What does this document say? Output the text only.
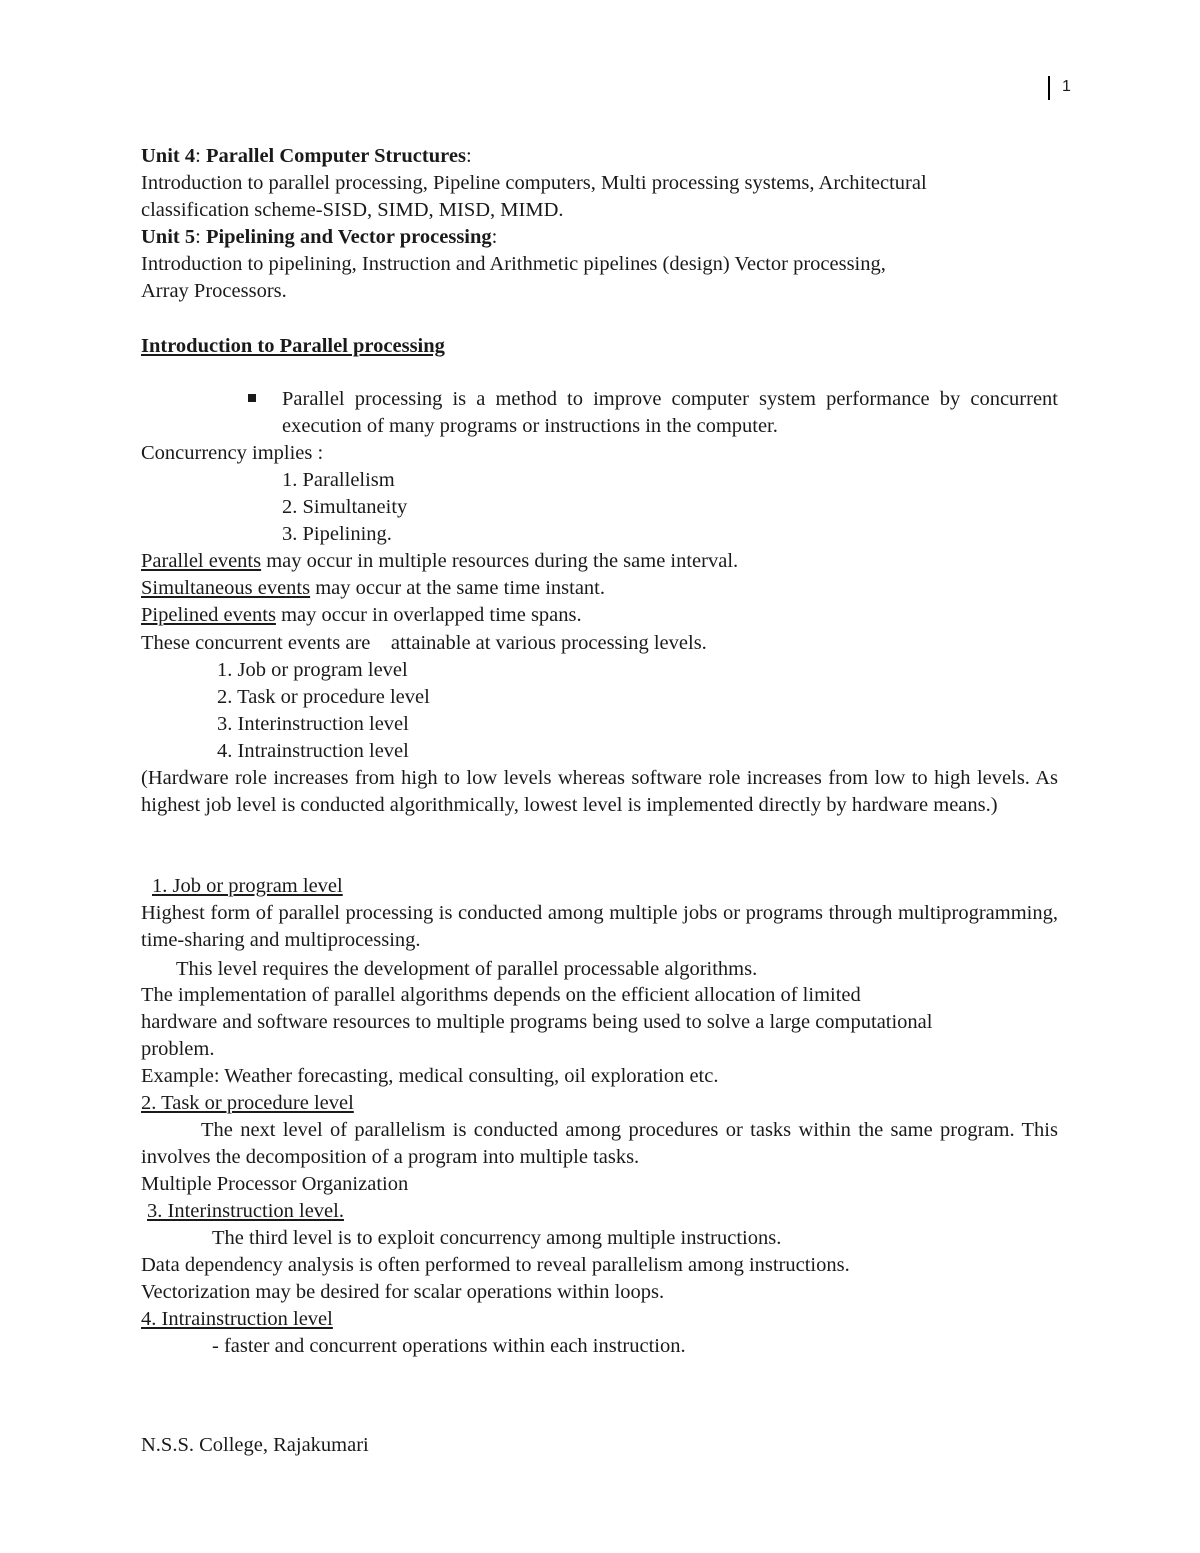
1
Unit 4: Parallel Computer Structures:
Introduction to parallel processing, Pipeline computers, Multi processing systems, Architectural
classification scheme-SISD, SIMD, MISD, MIMD.
Unit 5: Pipelining and Vector processing:
Introduction to pipelining, Instruction and Arithmetic pipelines (design) Vector processing,
Array Processors.
Introduction to Parallel processing
Parallel processing is a method to improve computer system performance by concurrent execution of many programs or instructions in the computer.
Concurrency implies :
1. Parallelism
2. Simultaneity
3. Pipelining.
Parallel events may occur in multiple resources during the same interval.
Simultaneous events may occur at the same time instant.
Pipelined events may occur in overlapped time spans.
These concurrent events are    attainable at various processing levels.
1. Job or program level
2. Task or procedure level
3. Interinstruction level
4. Intrainstruction level
(Hardware role increases from high to low levels whereas software role increases from low to high levels. As highest job level is conducted algorithmically, lowest level is implemented directly by hardware means.)
1. Job or program level
Highest form of parallel processing is conducted among multiple jobs or programs through multiprogramming,     time-sharing and multiprocessing.
This level requires the development of parallel processable algorithms.
The implementation of parallel algorithms depends on the efficient allocation of limited
hardware and software resources to multiple programs being used to solve a large computational
problem.
Example: Weather forecasting, medical consulting, oil exploration etc.
2. Task or procedure level
The next level of parallelism is conducted among procedures or tasks within the same program. This involves the decomposition of a program into multiple tasks.
Multiple Processor Organization
3. Interinstruction level.
The third level is to exploit concurrency among multiple instructions.
Data dependency analysis is often performed to reveal parallelism among instructions.
Vectorization may be desired for scalar operations within loops.
4. Intrainstruction level
- faster and concurrent operations within each instruction.
N.S.S. College, Rajakumari
